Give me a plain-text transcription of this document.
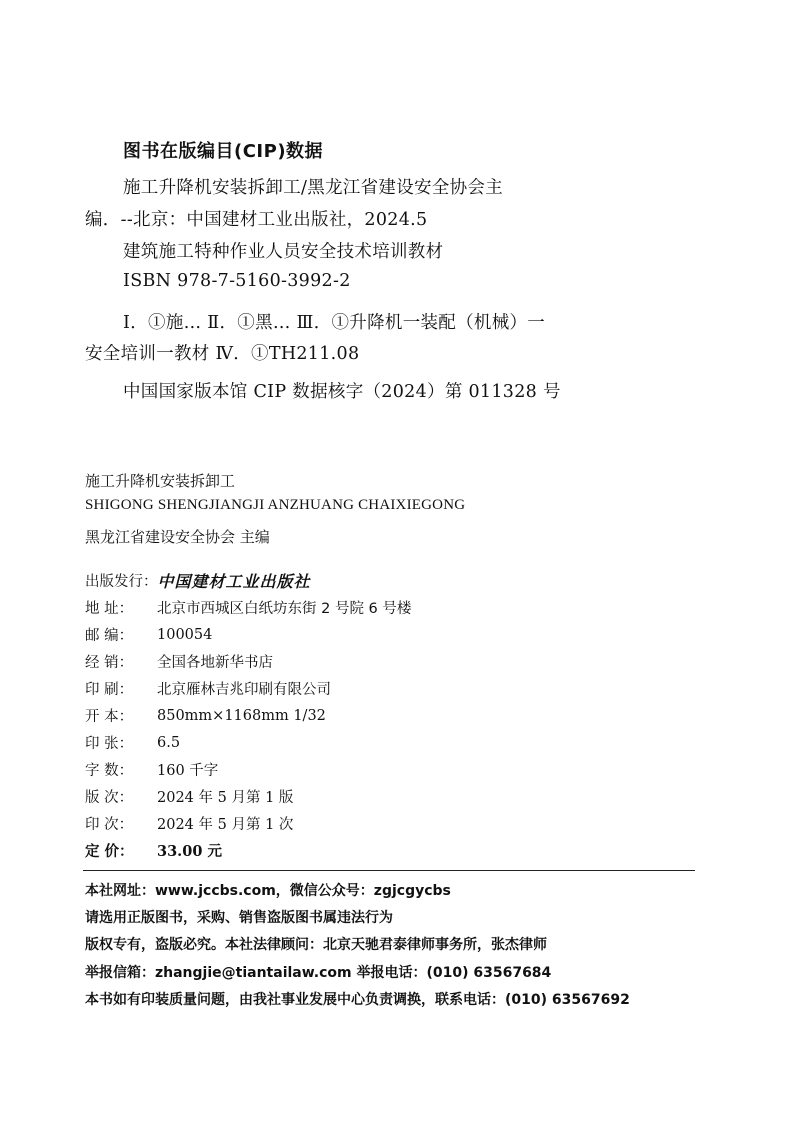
图书在版编目(CIP)数据
施工升降机安装拆卸工/黑龙江省建设安全协会主
编．--北京：中国建材工业出版社，2024.5
建筑施工特种作业人员安全技术培训教材
ISBN 978-7-5160-3992-2
Ⅰ．①施… Ⅱ．①黑… Ⅲ．①升降机一装配（机械）一
安全培训一教材 Ⅳ．①TH211.08
中国国家版本馆 CIP 数据核字（2024）第 011328 号
施工升降机安装拆卸工
SHIGONG SHENGJIANGJI ANZHUANG CHAIXIEGONG
黑龙江省建设安全协会 主编
出版发行： 中国建材工业出版社
地 址：	北京市西城区白纸坊东街 2 号院 6 号楼
邮 编：	100054
经 销：	全国各地新华书店
印 刷：	北京雁林吉兆印刷有限公司
开 本：	850mm×1168mm 1/32
印 张：	6.5
字 数：	160 千字
版 次：	2024 年 5 月第 1 版
印 次：	2024 年 5 月第 1 次
定 价：	33.00 元
本社网址：www.jccbs.com，微信公众号：zgjcgycbs
请选用正版图书，采购、销售盗版图书属违法行为
版权专有，盗版必究。本社法律顾问：北京天驰君泰律师事务所，张杰律师
举报信箱：zhangjie@tiantailaw.com 举报电话：(010) 63567684
本书如有印装质量问题，由我社事业发展中心负责调换，联系电话：(010) 63567692
